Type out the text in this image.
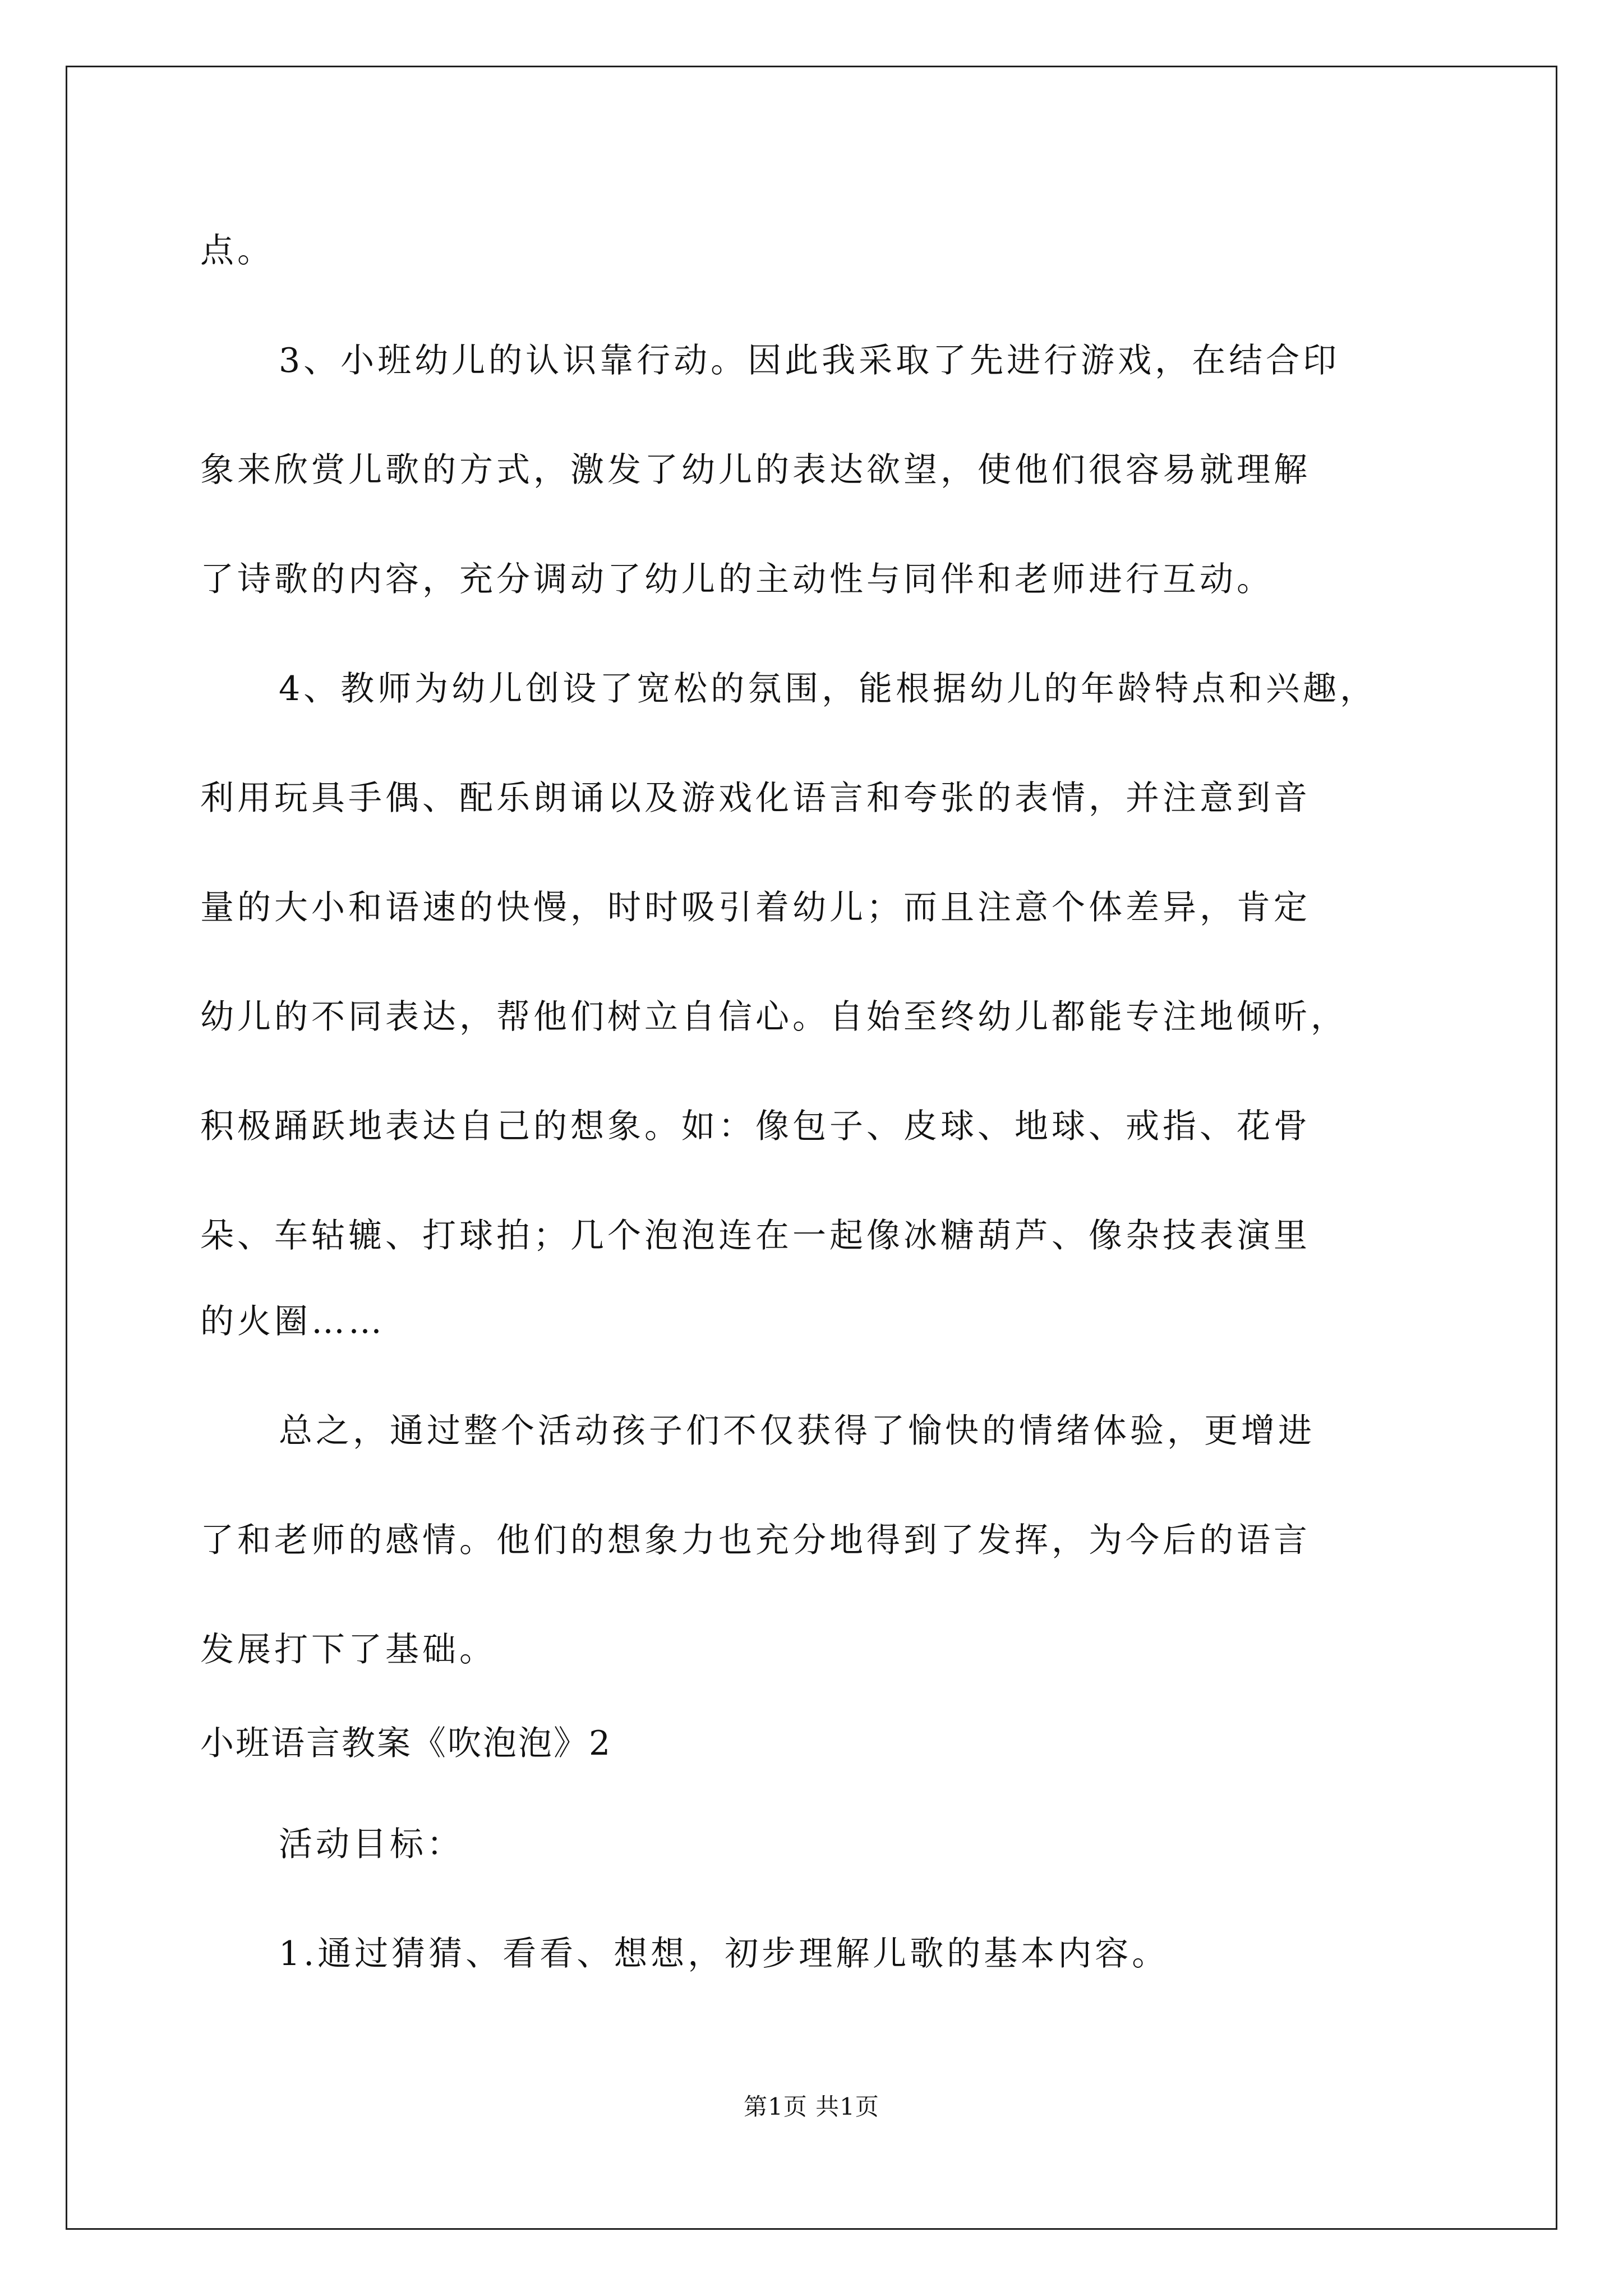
点。
3、小班幼儿的认识靠行动。因此我采取了先进行游戏，在结合印
象来欣赏儿歌的方式，激发了幼儿的表达欲望，使他们很容易就理解
了诗歌的内容，充分调动了幼儿的主动性与同伴和老师进行互动。
4、教师为幼儿创设了宽松的氛围，能根据幼儿的年龄特点和兴趣，
利用玩具手偶、配乐朗诵以及游戏化语言和夸张的表情，并注意到音
量的大小和语速的快慢，时时吸引着幼儿；而且注意个体差异，肯定
幼儿的不同表达，帮他们树立自信心。自始至终幼儿都能专注地倾听，
积极踊跃地表达自己的想象。如：像包子、皮球、地球、戒指、花骨
朵、车轱辘、打球拍；几个泡泡连在一起像冰糖葫芦、像杂技表演里
的火圈……
总之，通过整个活动孩子们不仅获得了愉快的情绪体验，更增进
了和老师的感情。他们的想象力也充分地得到了发挥，为今后的语言
发展打下了基础。
小班语言教案《吹泡泡》2
活动目标：
1.通过猜猜、看看、想想，初步理解儿歌的基本内容。
第1页 共1页
